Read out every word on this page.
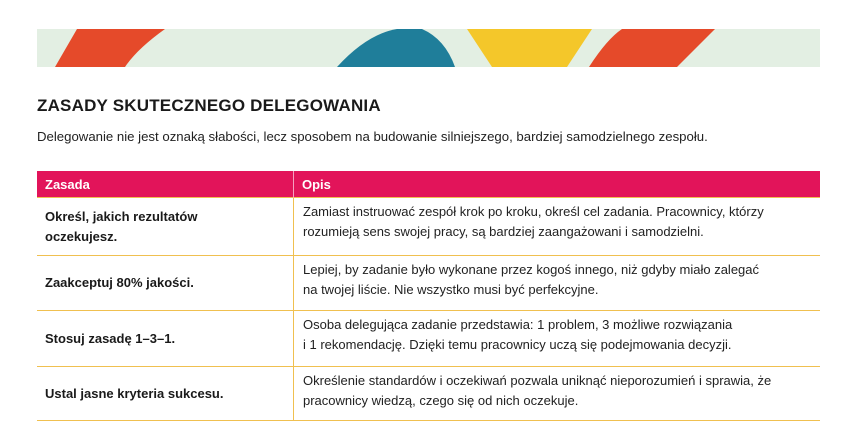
ZASADY SKUTECZNEGO DELEGOWANIA

Delegowanie nie jest oznaką słabości, lecz sposobem na budowanie silniejszego, bardziej samodzielnego zespołu.

Zasada	Opis
Określ, jakich rezultatów
oczekujesz.	Zamiast instruować zespół krok po kroku, określ cel zadania. Pracownicy, którzy
rozumieją sens swojej pracy, są bardziej zaangażowani i samodzielni.
Zaakceptuj 80% jakości.	Lepiej, by zadanie było wykonane przez kogoś innego, niż gdyby miało zalegać
na twojej liście. Nie wszystko musi być perfekcyjne.
Stosuj zasadę 1–3–1.	Osoba delegująca zadanie przedstawia: 1 problem, 3 możliwe rozwiązania
i 1 rekomendację. Dzięki temu pracownicy uczą się podejmowania decyzji.
Ustal jasne kryteria sukcesu.	Określenie standardów i oczekiwań pozwala uniknąć nieporozumień i sprawia, że
pracownicy wiedzą, czego się od nich oczekuje.
